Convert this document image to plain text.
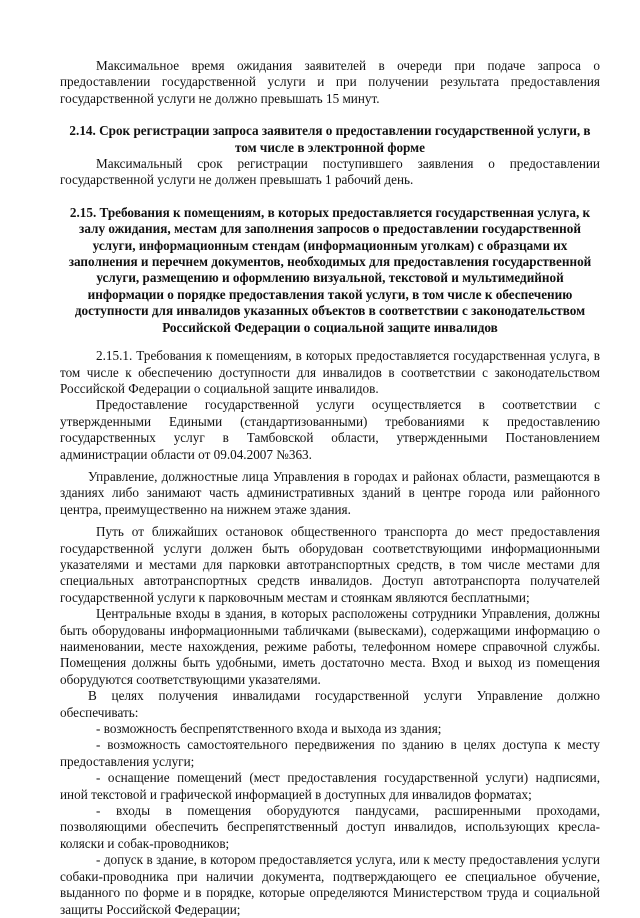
Максимальное время ожидания заявителей в очереди при подаче запроса о предоставлении государственной услуги и при получении результата предоставления государственной услуги не должно превышать 15 минут.

2.14. Срок регистрации запроса заявителя о предоставлении государственной услуги, в том числе в электронной форме

Максимальный срок регистрации поступившего заявления о предоставлении государственной услуги не должен превышать 1 рабочий день.

2.15. Требования к помещениям, в которых предоставляется государственная услуга, к залу ожидания, местам для заполнения запросов о предоставлении государственной услуги, информационным стендам (информационным уголкам) с образцами их заполнения и перечнем документов, необходимых для предоставления государственной услуги, размещению и оформлению визуальной, текстовой и мультимедийной информации о порядке предоставления такой услуги, в том числе к обеспечению доступности для инвалидов указанных объектов в соответствии с законодательством Российской Федерации о социальной защите инвалидов

2.15.1. Требования к помещениям, в которых предоставляется государственная услуга, в том числе к обеспечению доступности для инвалидов в соответствии с законодательством Российской Федерации о социальной защите инвалидов.

Предоставление государственной услуги осуществляется в соответствии с утвержденными Едиными (стандартизованными) требованиями к предоставлению государственных услуг в Тамбовской области, утвержденными Постановлением администрации области от 09.04.2007 №363.

Управление, должностные лица Управления в городах и районах области, размещаются в зданиях либо занимают часть административных зданий в центре города или районного центра, преимущественно на нижнем этаже здания.

Путь от ближайших остановок общественного транспорта до мест предоставления государственной услуги должен быть оборудован соответствующими информационными указателями и местами для парковки автотранспортных средств, в том числе местами для специальных автотранспортных средств инвалидов. Доступ автотранспорта получателей государственной услуги к парковочным местам и стоянкам являются бесплатными;

Центральные входы в здания, в которых расположены сотрудники Управления, должны быть оборудованы информационными табличками (вывесками), содержащими информацию о наименовании, месте нахождения, режиме работы, телефонном номере справочной службы. Помещения должны быть удобными, иметь достаточно места. Вход и выход из помещения оборудуются соответствующими указателями.

В целях получения инвалидами государственной услуги Управление должно обеспечивать:

- возможность беспрепятственного входа и выхода из здания;

- возможность самостоятельного передвижения по зданию в целях доступа к месту предоставления услуги;

- оснащение помещений (мест предоставления государственной услуги) надписями, иной текстовой и графической информацией в доступных для инвалидов форматах;

- входы в помещения оборудуются пандусами, расширенными проходами, позволяющими обеспечить беспрепятственный доступ инвалидов, использующих кресла-коляски и собак-проводников;

- допуск в здание, в котором предоставляется услуга, или к месту предоставления услуги собаки-проводника при наличии документа, подтверждающего ее специальное обучение, выданного по форме и в порядке, которые определяются Министерством труда и социальной защиты Российской Федерации;
